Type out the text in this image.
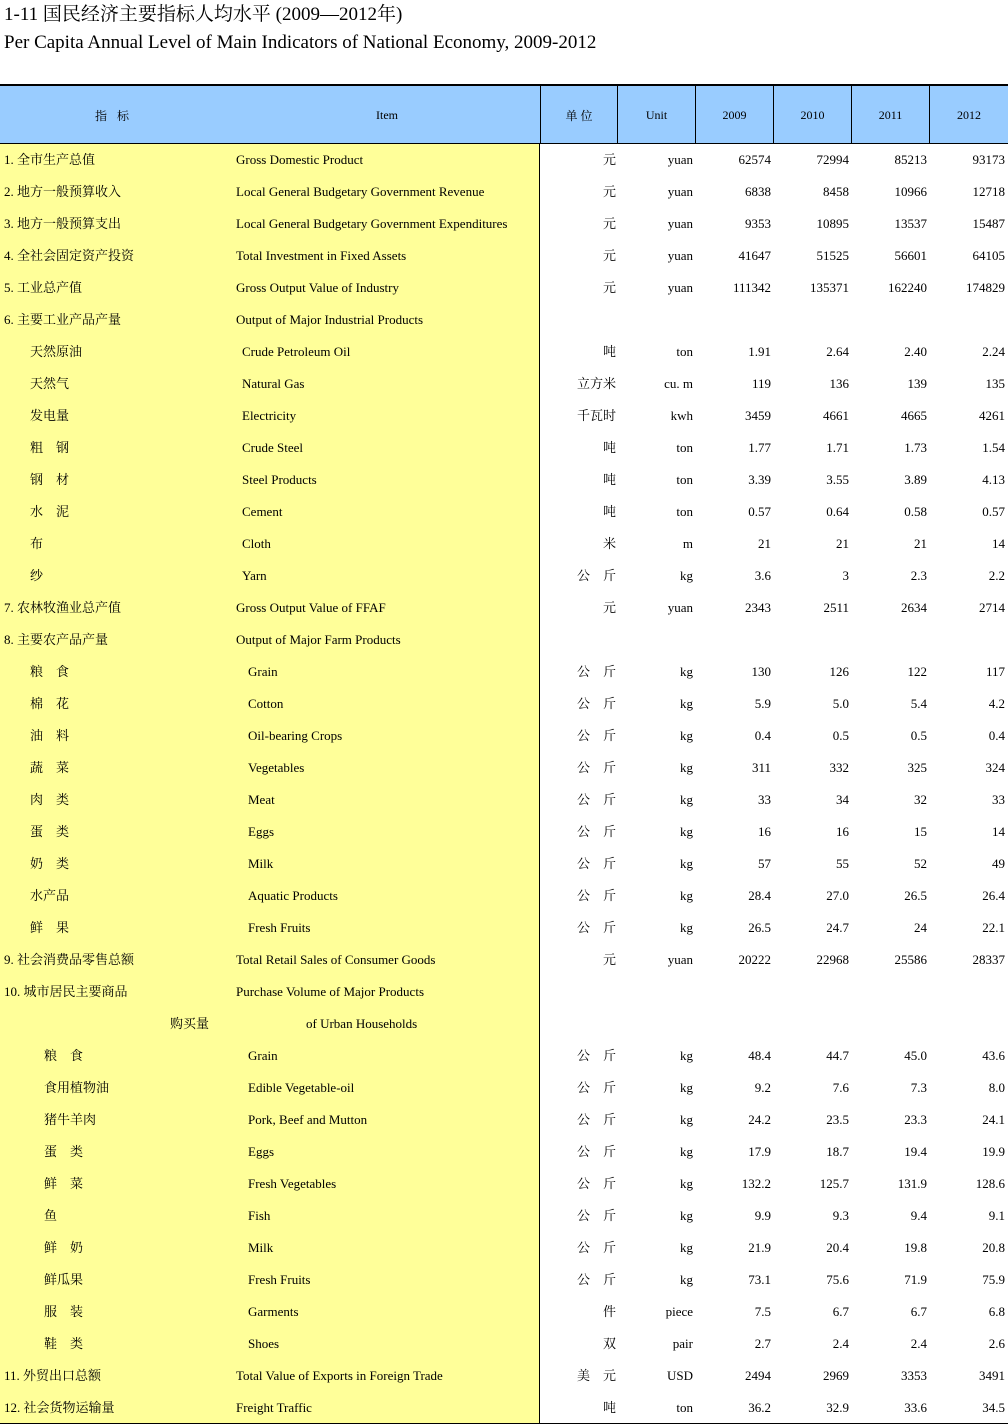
1-11 国民经济主要指标人均水平 (2009—2012年)
Per Capita Annual Level of Main Indicators of National Economy, 2009-2012
指标	Item	单 位	Unit	2009	2010	2011	2012
1. 全市生产总值	Gross Domestic Product	元	yuan	62574	72994	85213	93173
2. 地方一般预算收入	Local General Budgetary Government Revenue	元	yuan	6838	8458	10966	12718
3. 地方一般预算支出	Local General Budgetary Government Expenditures	元	yuan	9353	10895	13537	15487
4. 全社会固定资产投资	Total Investment in Fixed Assets	元	yuan	41647	51525	56601	64105
5. 工业总产值	Gross Output Value of Industry	元	yuan	111342	135371	162240	174829
6. 主要工业产品产量	Output of Major Industrial Products
天然原油	Crude Petroleum Oil	吨	ton	1.91	2.64	2.40	2.24
天然气	Natural Gas	立方米	cu. m	119	136	139	135
发电量	Electricity	千瓦时	kwh	3459	4661	4665	4261
粗　钢	Crude Steel	吨	ton	1.77	1.71	1.73	1.54
钢　材	Steel Products	吨	ton	3.39	3.55	3.89	4.13
水　泥	Cement	吨	ton	0.57	0.64	0.58	0.57
布	Cloth	米	m	21	21	21	14
纱	Yarn	公　斤	kg	3.6	3	2.3	2.2
7. 农林牧渔业总产值	Gross Output Value of FFAF	元	yuan	2343	2511	2634	2714
8. 主要农产品产量	Output of Major Farm Products
粮　食	Grain	公　斤	kg	130	126	122	117
棉　花	Cotton	公　斤	kg	5.9	5.0	5.4	4.2
油　料	Oil-bearing Crops	公　斤	kg	0.4	0.5	0.5	0.4
蔬　菜	Vegetables	公　斤	kg	311	332	325	324
肉　类	Meat	公　斤	kg	33	34	32	33
蛋　类	Eggs	公　斤	kg	16	16	15	14
奶　类	Milk	公　斤	kg	57	55	52	49
水产品	Aquatic Products	公　斤	kg	28.4	27.0	26.5	26.4
鲜　果	Fresh Fruits	公　斤	kg	26.5	24.7	24	22.1
9. 社会消费品零售总额	Total Retail Sales of Consumer Goods	元	yuan	20222	22968	25586	28337
10. 城市居民主要商品	Purchase Volume of Major Products
购买量	of Urban Households
粮　食	Grain	公　斤	kg	48.4	44.7	45.0	43.6
食用植物油	Edible Vegetable-oil	公　斤	kg	9.2	7.6	7.3	8.0
猪牛羊肉	Pork, Beef and Mutton	公　斤	kg	24.2	23.5	23.3	24.1
蛋　类	Eggs	公　斤	kg	17.9	18.7	19.4	19.9
鲜　菜	Fresh Vegetables	公　斤	kg	132.2	125.7	131.9	128.6
鱼	Fish	公　斤	kg	9.9	9.3	9.4	9.1
鲜　奶	Milk	公　斤	kg	21.9	20.4	19.8	20.8
鲜瓜果	Fresh Fruits	公　斤	kg	73.1	75.6	71.9	75.9
服　装	Garments	件	piece	7.5	6.7	6.7	6.8
鞋　类	Shoes	双	pair	2.7	2.4	2.4	2.6
11. 外贸出口总额	Total Value of Exports in Foreign Trade	美　元	USD	2494	2969	3353	3491
12. 社会货物运输量	Freight Traffic	吨	ton	36.2	32.9	33.6	34.5
